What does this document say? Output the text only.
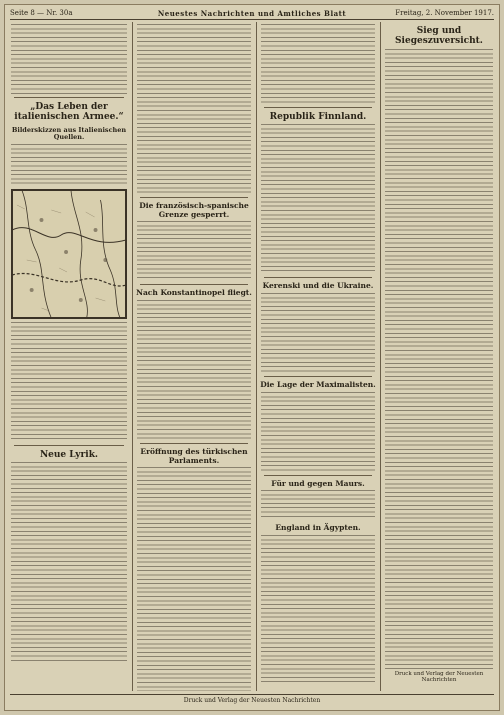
Seite 8 — Nr. 30a	Neuestes Nachrichten und Amtliches Blatt	Freitag, 2. November 1917.
„Das Leben der italienischen Armee.“
Bilderskizzen aus Italienischen Quellen.
Neue Lyrik.
Die französisch-spanische Grenze gesperrt.
Nach Konstantinopel fliegt.
Eröffnung des türkischen Parlaments.
Republik Finnland.
Kerenski und die Ukraine.
Die Lage der Maximalisten.
Für und gegen Maurs.
England in Ägypten.
Sieg und Siegeszuversicht.
Druck und Verlag der Neuesten Nachrichten
Druck und Verlag der Neuesten Nachrichten
